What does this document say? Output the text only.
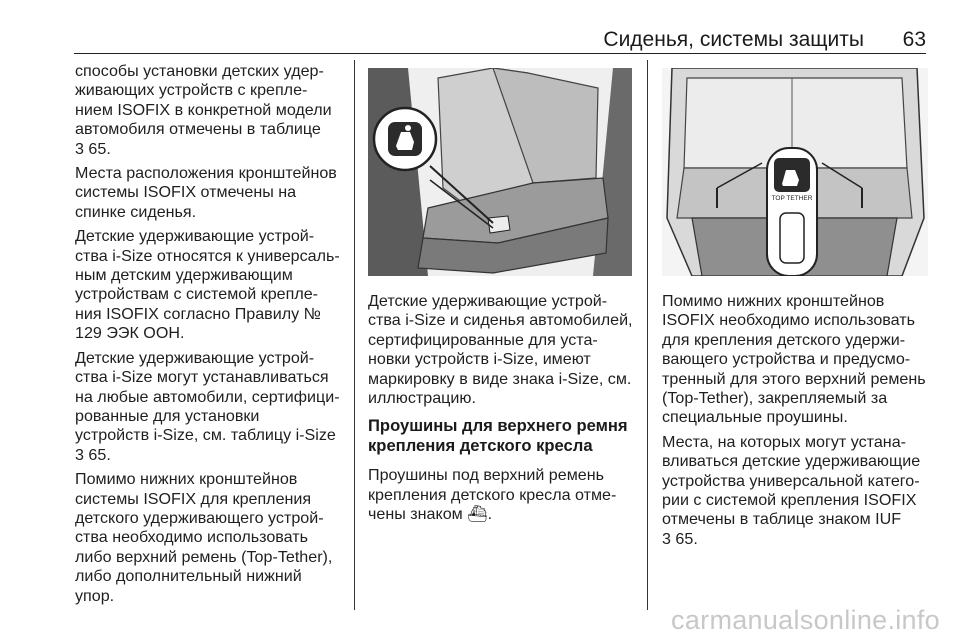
Сиденья, системы защиты 63

способы установки детских удер-
живающих устройств с крепле-
нием ISOFIX в конкретной модели
автомобиля отмечены в таблице
3 65.

Места расположения кронштейнов
системы ISOFIX отмечены на
спинке сиденья.

Детские удерживающие устрой-
ства i-Size относятся к универсаль-
ным детским удерживающим
устройствам с системой крепле-
ния ISOFIX согласно Правилу №
129 ЭЭК ООН.

Детские удерживающие устрой-
ства i-Size могут устанавливаться
на любые автомобили, сертифици-
рованные для установки
устройств i-Size, см. таблицу i-Size
3 65.

Помимо нижних кронштейнов
системы ISOFIX для крепления
детского удерживающего устрой-
ства необходимо использовать
либо верхний ремень (Top-Tether),
либо дополнительный нижний
упор.

TOP TETHER

Детские удерживающие устрой-
ства i-Size и сиденья автомобилей,
сертифицированные для уста-
новки устройств i-Size, имеют
маркировку в виде знака i-Size, см.
иллюстрацию.

Проушины для верхнего ремня
крепления детского кресла

Проушины под верхний ремень
крепления детского кресла отме-
чены знаком ⛴.

Помимо нижних кронштейнов
ISOFIX необходимо использовать
для крепления детского удержи-
вающего устройства и предусмо-
тренный для этого верхний ремень
(Top-Tether), закрепляемый за
специальные проушины.

Места, на которых могут устана-
вливаться детские удерживающие
устройства универсальной катего-
рии с системой крепления ISOFIX
отмечены в таблице знаком IUF
3 65.

carmanualsonline.info
